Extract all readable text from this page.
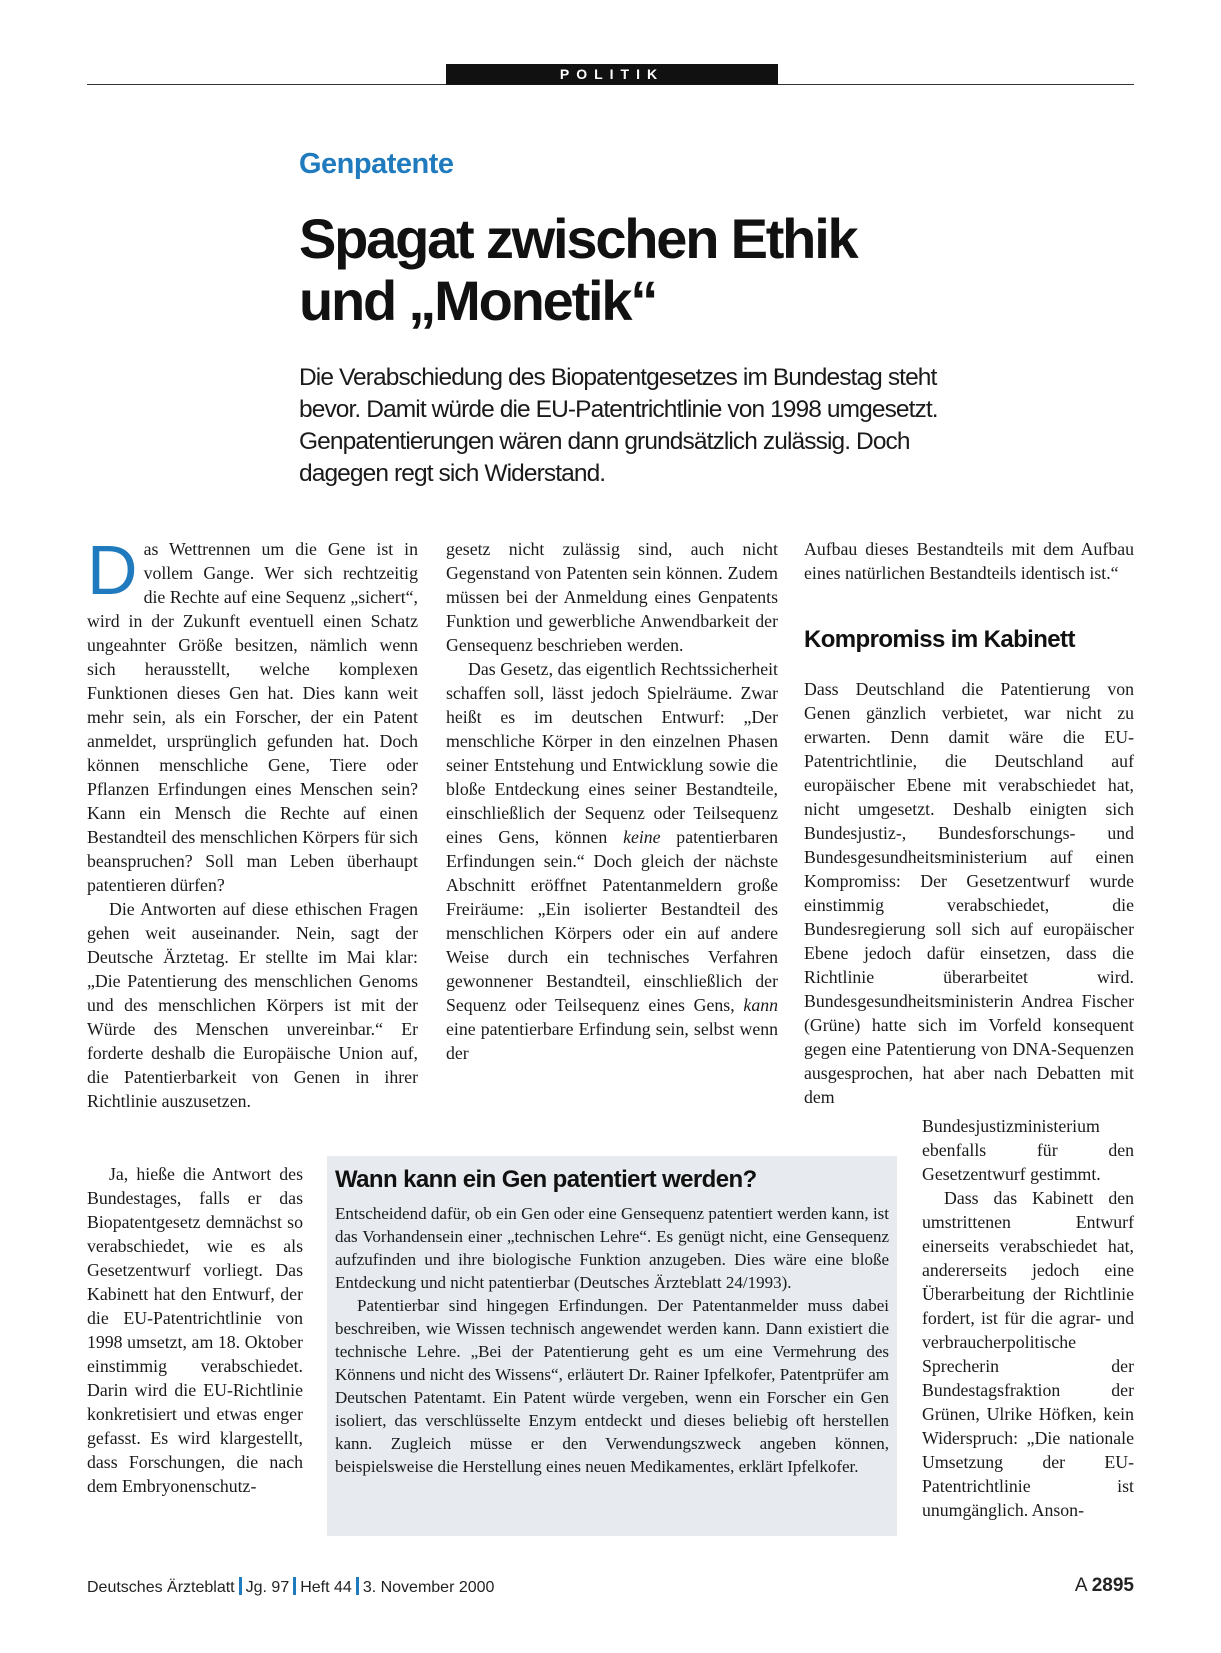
POLITIK
Genpatente
Spagat zwischen Ethik
und „Monetik“

Die Verabschiedung des Biopatentgesetzes im Bundestag steht bevor. Damit würde die EU-Patentrichtlinie von 1998 umgesetzt. Genpatentierungen wären dann grundsätzlich zulässig. Doch dagegen regt sich Widerstand.

Das Wettrennen um die Gene ist in vollem Gange. Wer sich rechtzeitig die Rechte auf eine Sequenz „sichert“, wird in der Zukunft eventuell einen Schatz ungeahnter Größe besitzen, nämlich wenn sich herausstellt, welche komplexen Funktionen dieses Gen hat. Dies kann weit mehr sein, als ein Forscher, der ein Patent anmeldet, ursprünglich gefunden hat. Doch können menschliche Gene, Tiere oder Pflanzen Erfindungen eines Menschen sein? Kann ein Mensch die Rechte auf einen Bestandteil des menschlichen Körpers für sich beanspruchen? Soll man Leben überhaupt patentieren dürfen?

Die Antworten auf diese ethischen Fragen gehen weit auseinander. Nein, sagt der Deutsche Ärztetag. Er stellte im Mai klar: „Die Patentierung des menschlichen Genoms und des menschlichen Körpers ist mit der Würde des Menschen unvereinbar.“ Er forderte deshalb die Europäische Union auf, die Patentierbarkeit von Genen in ihrer Richtlinie auszusetzen.

Ja, hieße die Antwort des Bundestages, falls er das Biopatentgesetz demnächst so verabschiedet, wie es als Gesetzentwurf vorliegt. Das Kabinett hat den Entwurf, der die EU-Patentrichtlinie von 1998 umsetzt, am 18. Oktober einstimmig verabschiedet. Darin wird die EU-Richtlinie konkretisiert und etwas enger gefasst. Es wird klargestellt, dass Forschungen, die nach dem Embryonenschutz-

gesetz nicht zulässig sind, auch nicht Gegenstand von Patenten sein können. Zudem müssen bei der Anmeldung eines Genpatents Funktion und gewerbliche Anwendbarkeit der Gensequenz beschrieben werden.

Das Gesetz, das eigentlich Rechtssicherheit schaffen soll, lässt jedoch Spielräume. Zwar heißt es im deutschen Entwurf: „Der menschliche Körper in den einzelnen Phasen seiner Entstehung und Entwicklung sowie die bloße Entdeckung eines seiner Bestandteile, einschließlich der Sequenz oder Teilsequenz eines Gens, können keine patentierbaren Erfindungen sein.“ Doch gleich der nächste Abschnitt eröffnet Patentanmeldern große Freiräume: „Ein isolierter Bestandteil des menschlichen Körpers oder ein auf andere Weise durch ein technisches Verfahren gewonnener Bestandteil, einschließlich der Sequenz oder Teilsequenz eines Gens, kann eine patentierbare Erfindung sein, selbst wenn der

Aufbau dieses Bestandteils mit dem Aufbau eines natürlichen Bestandteils identisch ist.“

Kompromiss im Kabinett

Dass Deutschland die Patentierung von Genen gänzlich verbietet, war nicht zu erwarten. Denn damit wäre die EU-Patentrichtlinie, die Deutschland auf europäischer Ebene mit verabschiedet hat, nicht umgesetzt. Deshalb einigten sich Bundesjustiz-, Bundesforschungs- und Bundesgesundheitsministerium auf einen Kompromiss: Der Gesetzentwurf wurde einstimmig verabschiedet, die Bundesregierung soll sich auf europäischer Ebene jedoch dafür einsetzen, dass die Richtlinie überarbeitet wird. Bundesgesundheitsministerin Andrea Fischer (Grüne) hatte sich im Vorfeld konsequent gegen eine Patentierung von DNA-Sequenzen ausgesprochen, hat aber nach Debatten mit dem

Bundesjustizministerium ebenfalls für den Gesetzentwurf gestimmt.

Dass das Kabinett den umstrittenen Entwurf einerseits verabschiedet hat, andererseits jedoch eine Überarbeitung der Richtlinie fordert, ist für die agrar- und verbraucherpolitische Sprecherin der Bundestagsfraktion der Grünen, Ulrike Höfken, kein Widerspruch: „Die nationale Umsetzung der EU-Patentrichtlinie ist unumgänglich. Anson-

Wann kann ein Gen patentiert werden?

Entscheidend dafür, ob ein Gen oder eine Gensequenz patentiert werden kann, ist das Vorhandensein einer „technischen Lehre“. Es genügt nicht, eine Gensequenz aufzufinden und ihre biologische Funktion anzugeben. Dies wäre eine bloße Entdeckung und nicht patentierbar (Deutsches Ärzteblatt 24/1993).

Patentierbar sind hingegen Erfindungen. Der Patentanmelder muss dabei beschreiben, wie Wissen technisch angewendet werden kann. Dann existiert die technische Lehre. „Bei der Patentierung geht es um eine Vermehrung des Könnens und nicht des Wissens“, erläutert Dr. Rainer Ipfelkofer, Patentprüfer am Deutschen Patentamt. Ein Patent würde vergeben, wenn ein Forscher ein Gen isoliert, das verschlüsselte Enzym entdeckt und dieses beliebig oft herstellen kann. Zugleich müsse er den Verwendungszweck angeben können, beispielsweise die Herstellung eines neuen Medikamentes, erklärt Ipfelkofer.

Deutsches Ärzteblatt Jg. 97 Heft 44 3. November 2000	A 2895
